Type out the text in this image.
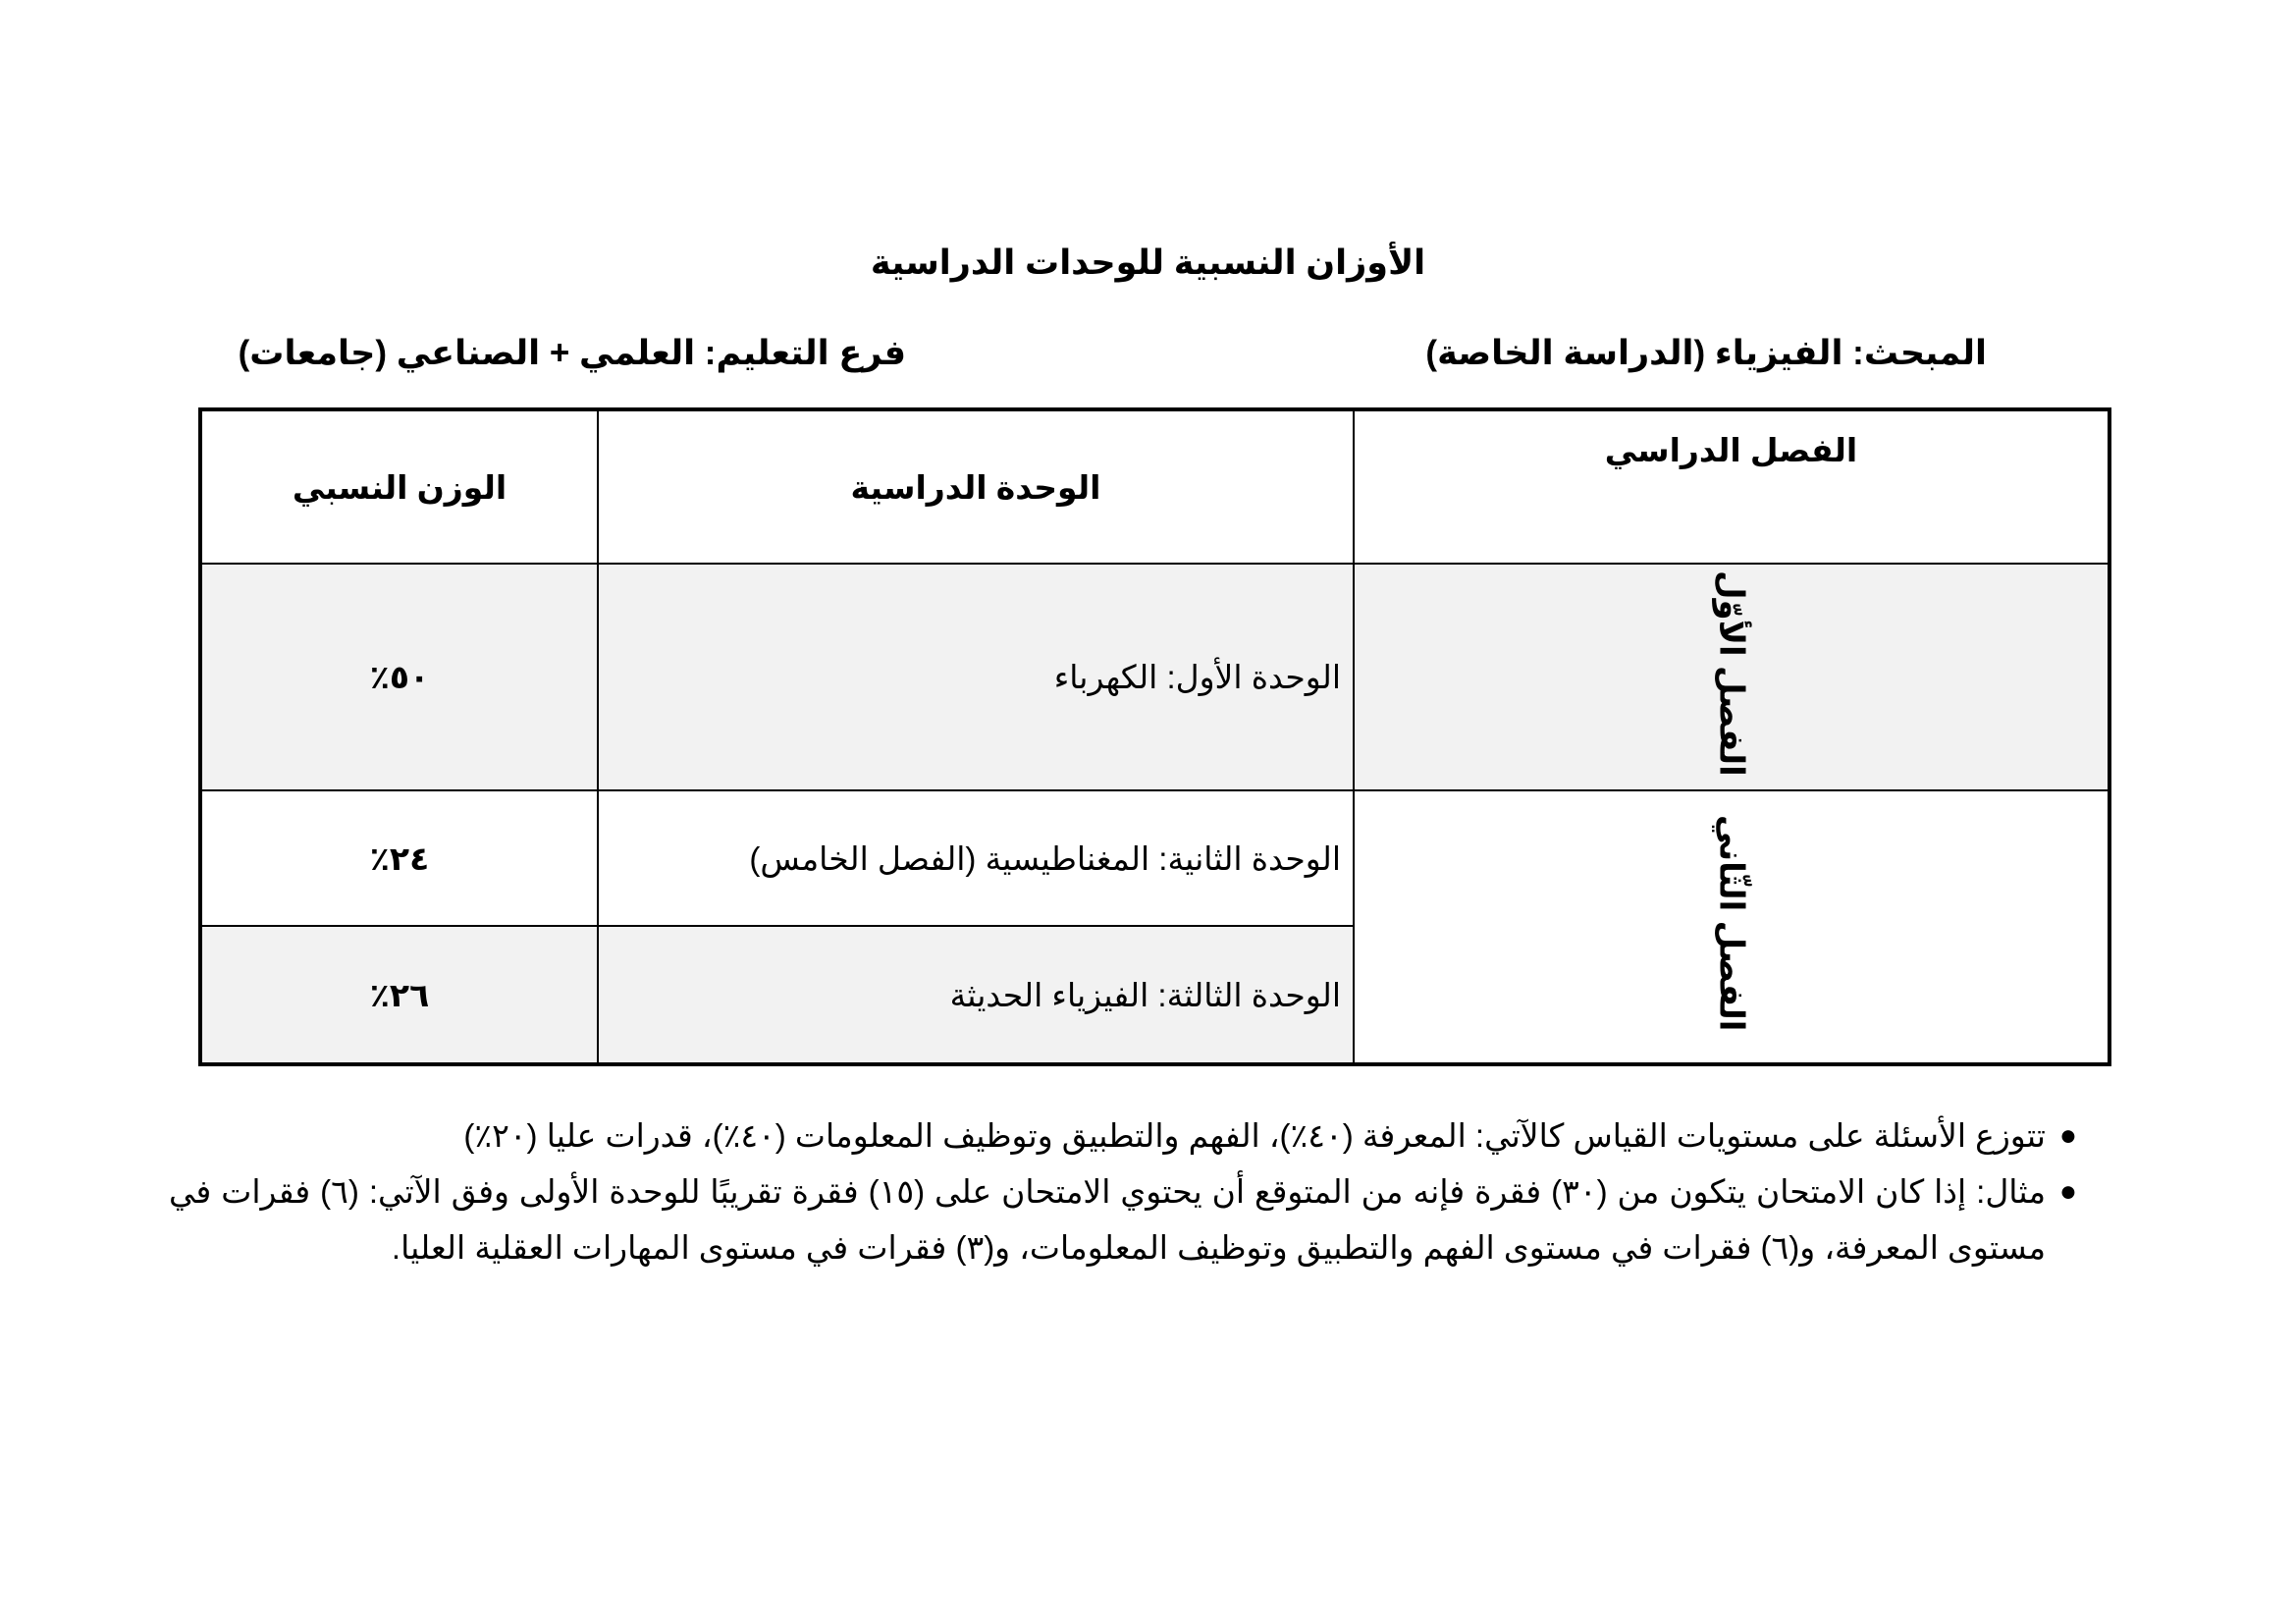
الأوزان النسبية للوحدات الدراسية
المبحث: الفيزياء (الدراسة الخاصة)
فرع التعليم: العلمي + الصناعي (جامعات)
الفصل الدراسي	الوحدة الدراسية	الوزن النسبي
الفصل الأوّل	الوحدة الأول: الكهرباء	٥٠٪
الفصل الثّاني	الوحدة الثانية: المغناطيسية (الفصل الخامس)	٢٤٪
	الوحدة الثالثة: الفيزياء الحديثة	٢٦٪
●
تتوزع الأسئلة على مستويات القياس كالآتي: المعرفة (٤٠٪)، الفهم والتطبيق وتوظيف المعلومات (٤٠٪)، قدرات عليا (٢٠٪)
●
مثال: إذا كان الامتحان يتكون من (٣٠) فقرة فإنه من المتوقع أن يحتوي الامتحان على (١٥) فقرة تقريبًا للوحدة الأولى وفق الآتي: (٦) فقرات في مستوى المعرفة، و(٦) فقرات في مستوى الفهم والتطبيق وتوظيف المعلومات، و(٣) فقرات في مستوى المهارات العقلية العليا.
